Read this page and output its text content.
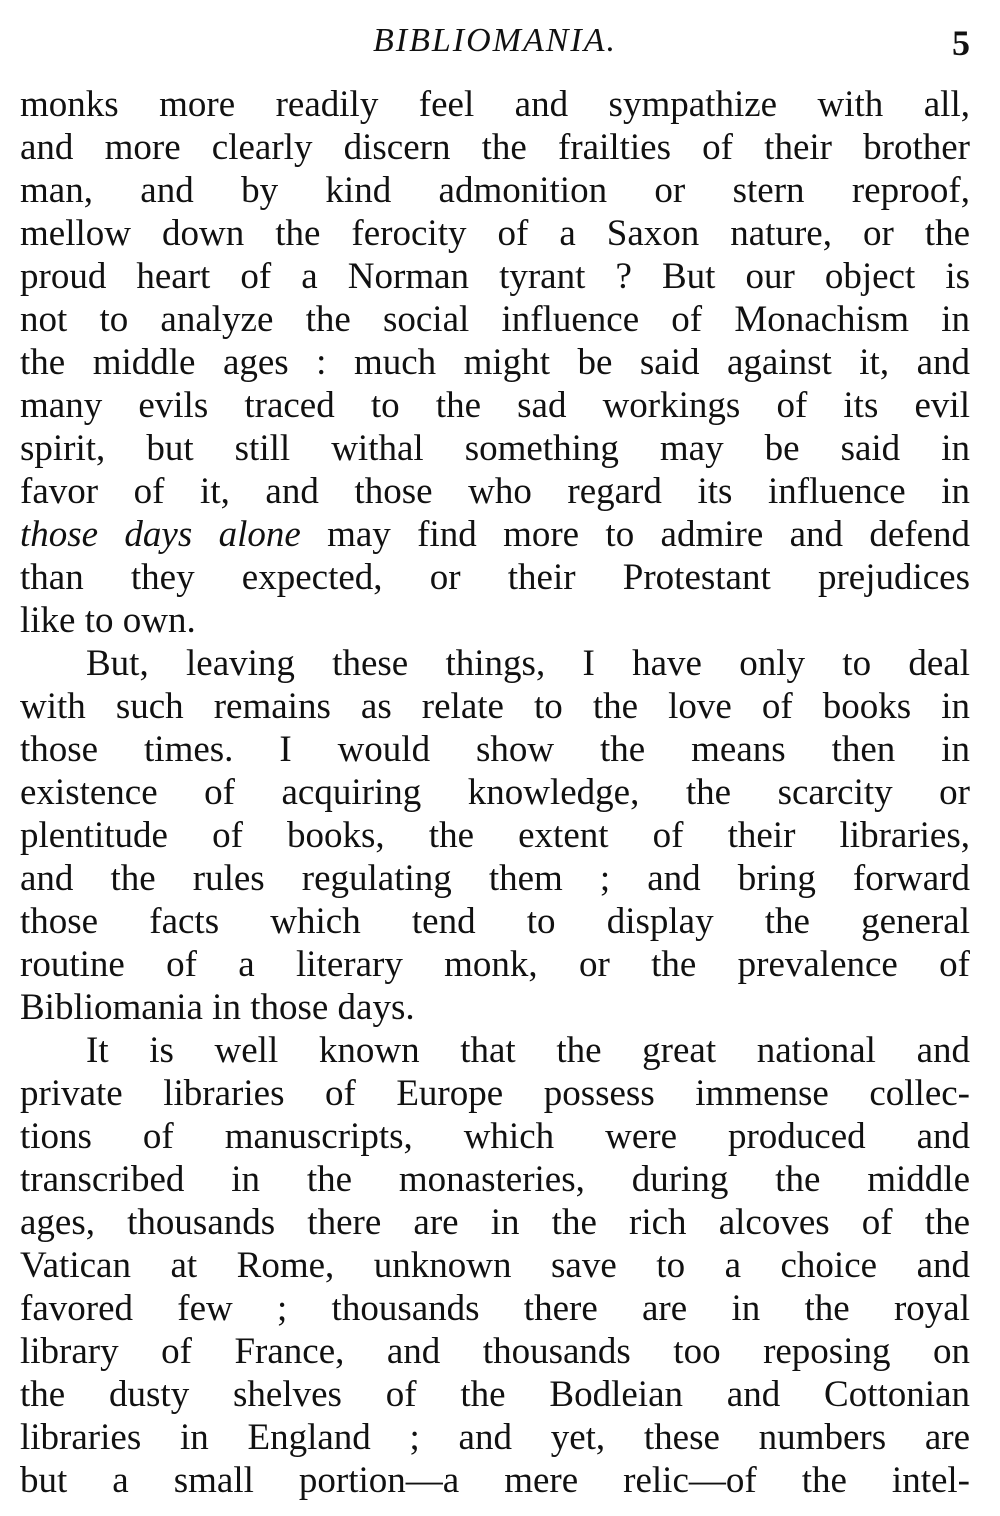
BIBLIOMANIA.	5
monks more readily feel and sympathize with all,
and more clearly discern the frailties of their brother
man, and by kind admonition or stern reproof,
mellow down the ferocity of a Saxon nature, or the
proud heart of a Norman tyrant ? But our object is
not to analyze the social influence of Monachism in
the middle ages : much might be said against it, and
many evils traced to the sad workings of its evil
spirit, but still withal something may be said in
favor of it, and those who regard its influence in
those days alone may find more to admire and defend
than they expected, or their Protestant prejudices
like to own.
But, leaving these things, I have only to deal
with such remains as relate to the love of books in
those times. I would show the means then in
existence of acquiring knowledge, the scarcity or
plentitude of books, the extent of their libraries,
and the rules regulating them ; and bring forward
those facts which tend to display the general
routine of a literary monk, or the prevalence of
Bibliomania in those days.
It is well known that the great national and
private libraries of Europe possess immense collec-
tions of manuscripts, which were produced and
transcribed in the monasteries, during the middle
ages, thousands there are in the rich alcoves of the
Vatican at Rome, unknown save to a choice and
favored few ; thousands there are in the royal
library of France, and thousands too reposing on
the dusty shelves of the Bodleian and Cottonian
libraries in England ; and yet, these numbers are
but a small portion—a mere relic—of the intel-
